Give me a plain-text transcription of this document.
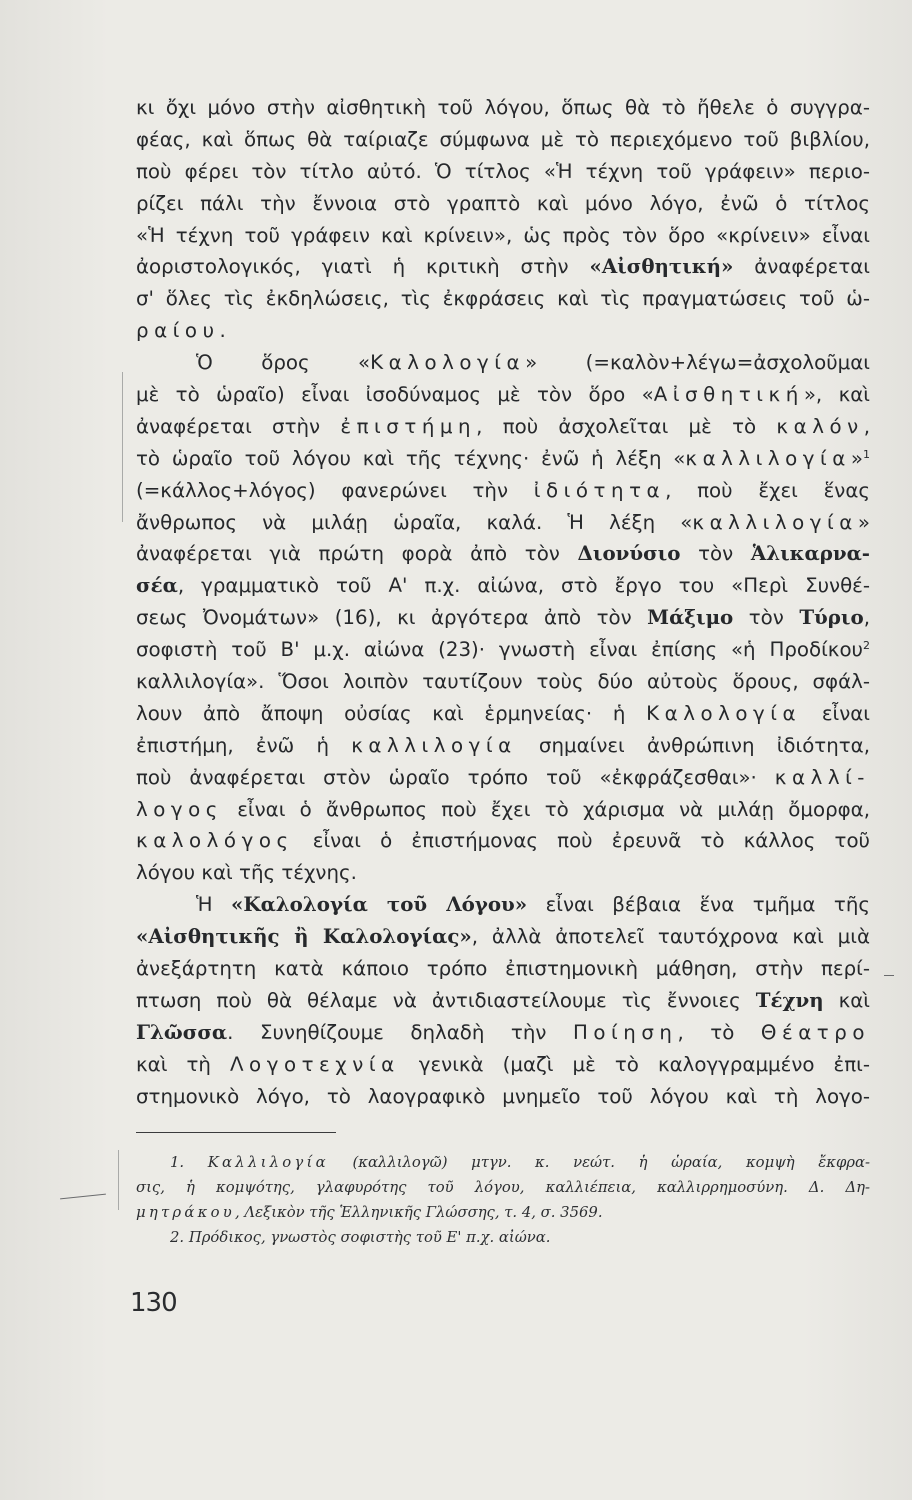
κι ὄχι μόνο στὴν αἰσθητικὴ τοῦ λόγου, ὅπως θὰ τὸ ἤθελε ὁ συγγρα-
φέας, καὶ ὅπως θὰ ταίριαζε σύμφωνα μὲ τὸ περιεχόμενο τοῦ βιβλίου,
ποὺ φέρει τὸν τίτλο αὐτό. Ὁ τίτλος «Ἡ τέχνη τοῦ γράφειν» περιο-
ρίζει πάλι τὴν ἔννοια στὸ γραπτὸ καὶ μόνο λόγο, ἐνῶ ὁ τίτλος
«Ἡ τέχνη τοῦ γράφειν καὶ κρίνειν», ὡς πρὸς τὸν ὅρο «κρίνειν» εἶναι
ἀοριστολογικός, γιατὶ ἡ κριτικὴ στὴν «Αἰσθητική» ἀναφέρεται
σ' ὅλες τὶς ἐκδηλώσεις, τὶς ἐκφράσεις καὶ τὶς πραγματώσεις τοῦ ὡ-
ραίου.
Ὁ ὅρος «Καλολογία» (=καλὸν+λέγω=ἀσχολοῦμαι
μὲ τὸ ὡραῖο) εἶναι ἰσοδύναμος μὲ τὸν ὅρο «Αἰσθητική», καὶ
ἀναφέρεται στὴν ἐπιστήμη, ποὺ ἀσχολεῖται μὲ τὸ καλόν,
τὸ ὡραῖο τοῦ λόγου καὶ τῆς τέχνης· ἐνῶ ἡ λέξη «καλλιλογία»$^1$
(=κάλλος+λόγος) φανερώνει τὴν ἰδιότητα, ποὺ ἔχει ἕνας
ἄνθρωπος νὰ μιλάῃ ὡραῖα, καλά. Ἡ λέξη «καλλιλογία»
ἀναφέρεται γιὰ πρώτη φορὰ ἀπὸ τὸν Διονύσιο τὸν Ἁλικαρνα-
σέα, γραμματικὸ τοῦ Α' π.χ. αἰώνα, στὸ ἔργο του «Περὶ Συνθέ-
σεως Ὀνομάτων» (16), κι ἀργότερα ἀπὸ τὸν Μάξιμο τὸν Τύριο,
σοφιστὴ τοῦ Β' μ.χ. αἰώνα (23)· γνωστὴ εἶναι ἐπίσης «ἡ Προδίκου$^2$
καλλιλογία». Ὅσοι λοιπὸν ταυτίζουν τοὺς δύο αὐτοὺς ὅρους, σφάλ-
λουν ἀπὸ ἄποψη οὐσίας καὶ ἑρμηνείας· ἡ Καλολογία εἶναι
ἐπιστήμη, ἐνῶ ἡ καλλιλογία σημαίνει ἀνθρώπινη ἰδιότητα,
ποὺ ἀναφέρεται στὸν ὡραῖο τρόπο τοῦ «ἐκφράζεσθαι»· καλλί-
λογος εἶναι ὁ ἄνθρωπος ποὺ ἔχει τὸ χάρισμα νὰ μιλάῃ ὄμορφα,
καλολόγος εἶναι ὁ ἐπιστήμονας ποὺ ἐρευνᾶ τὸ κάλλος τοῦ
λόγου καὶ τῆς τέχνης.
Ἡ «Καλολογία τοῦ Λόγου» εἶναι βέβαια ἕνα τμῆμα τῆς
«Αἰσθητικῆς ἢ Καλολογίας», ἀλλὰ ἀποτελεῖ ταυτόχρονα καὶ μιὰ
ἀνεξάρτητη κατὰ κάποιο τρόπο ἐπιστημονικὴ μάθηση, στὴν περί-
πτωση ποὺ θὰ θέλαμε νὰ ἀντιδιαστείλουμε τὶς ἔννοιες Τέχνη καὶ
Γλῶσσα. Συνηθίζουμε δηλαδὴ τὴν Ποίηση, τὸ Θέατρο
καὶ τὴ Λογοτεχνία γενικὰ (μαζὶ μὲ τὸ καλογγραμμένο ἐπι-
στημονικὸ λόγο, τὸ λαογραφικὸ μνημεῖο τοῦ λόγου καὶ τὴ λογο-
1. Καλλιλογία (καλλιλογῶ) μτγν. κ. νεώτ. ἡ ὡραία, κομψὴ ἔκφρα-
σις, ἡ κομψότης, γλαφυρότης τοῦ λόγου, καλλιέπεια, καλλιρρημοσύνη. Δ. Δη-
μητράκου, Λεξικὸν τῆς Ἑλληνικῆς Γλώσσης, τ. 4, σ. 3569.
2. Πρόδικος, γνωστὸς σοφιστὴς τοῦ Ε' π.χ. αἰώνα.
130
